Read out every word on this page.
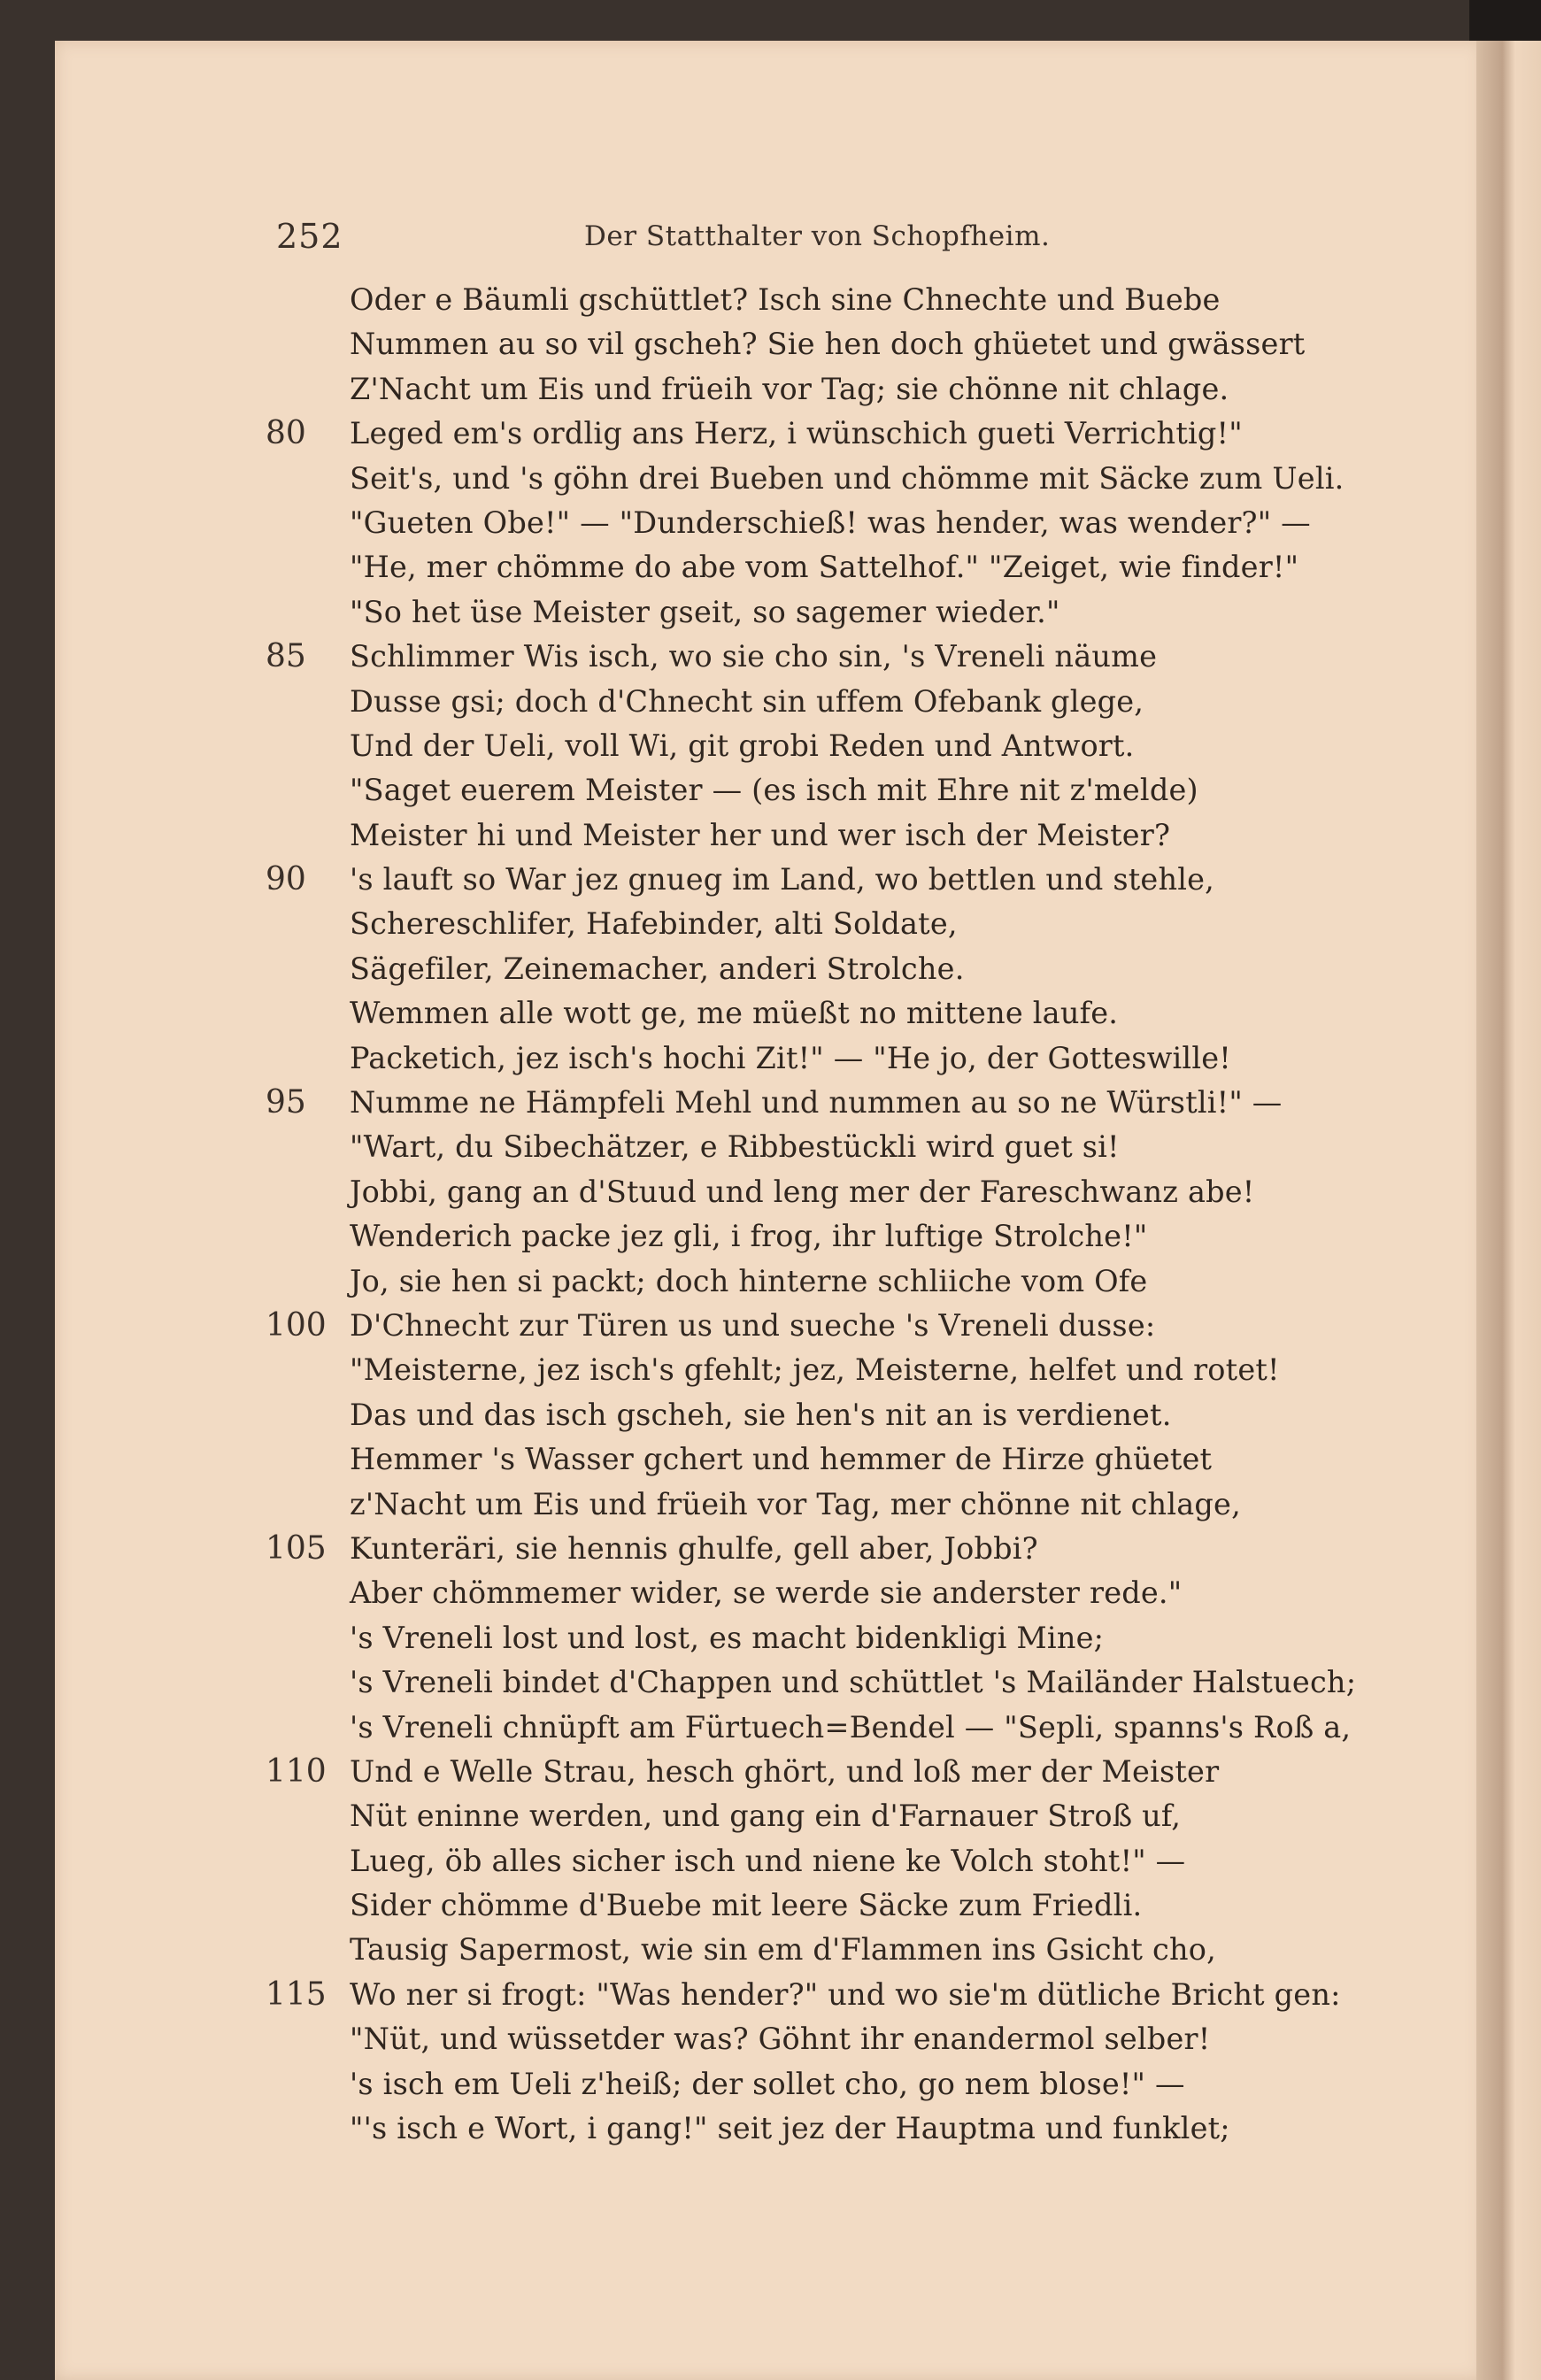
252	Der Statthalter von Schopfheim.
Oder e Bäumli gschüttlet? Isch sine Chnechte und Buebe
Nummen au so vil gscheh? Sie hen doch ghüetet und gwässert
Z'Nacht um Eis und früeih vor Tag; sie chönne nit chlage.
80	Leged em's ordlig ans Herz, i wünschich gueti Verrichtig!"
Seit's, und 's göhn drei Bueben und chömme mit Säcke zum Ueli.
"Gueten Obe!" — "Dunderschieß! was hender, was wender?" —
"He, mer chömme do abe vom Sattelhof." "Zeiget, wie finder!"
"So het üse Meister gseit, so sagemer wieder."
85	Schlimmer Wis isch, wo sie cho sin, 's Vreneli näume
Dusse gsi; doch d'Chnecht sin uffem Ofebank glege,
Und der Ueli, voll Wi, git grobi Reden und Antwort.
"Saget euerem Meister — (es isch mit Ehre nit z'melde)
Meister hi und Meister her und wer isch der Meister?
90	's lauft so War jez gnueg im Land, wo bettlen und stehle,
Schereschlifer, Hafebinder, alti Soldate,
Sägefiler, Zeinemacher, anderi Strolche.
Wemmen alle wott ge, me müeßt no mittene laufe.
Packetich, jez isch's hochi Zit!" — "He jo, der Gotteswille!
95	Numme ne Hämpfeli Mehl und nummen au so ne Würstli!" —
"Wart, du Sibechätzer, e Ribbestückli wird guet si!
Jobbi, gang an d'Stuud und leng mer der Fareschwanz abe!
Wenderich packe jez gli, i frog, ihr luftige Strolche!"
Jo, sie hen si packt; doch hinterne schliiche vom Ofe
100 D'Chnecht zur Türen us und sueche 's Vreneli dusse:
"Meisterne, jez isch's gfehlt; jez, Meisterne, helfet und rotet!
Das und das isch gscheh, sie hen's nit an is verdienet.
Hemmer 's Wasser gchert und hemmer de Hirze ghüetet
z'Nacht um Eis und früeih vor Tag, mer chönne nit chlage,
105 Kunteräri, sie hennis ghulfe, gell aber, Jobbi?
Aber chömmemer wider, se werde sie anderster rede."
's Vreneli lost und lost, es macht bidenkligi Mine;
's Vreneli bindet d'Chappen und schüttlet 's Mailänder Halstuech;
's Vreneli chnüpft am Fürtuech=Bendel — "Sepli, spanns's Roß a,
110 Und e Welle Strau, hesch ghört, und loß mer der Meister
Nüt eninne werden, und gang ein d'Farnauer Stroß uf,
Lueg, öb alles sicher isch und niene ke Volch stoht!" —
Sider chömme d'Buebe mit leere Säcke zum Friedli.
Tausig Sapermost, wie sin em d'Flammen ins Gsicht cho,
115 Wo ner si frogt: "Was hender?" und wo sie'm dütliche Bricht gen:
"Nüt, und wüssetder was? Göhnt ihr enandermol selber!
's isch em Ueli z'heiß; der sollet cho, go nem blose!" —
"'s isch e Wort, i gang!" seit jez der Hauptma und funklet;
